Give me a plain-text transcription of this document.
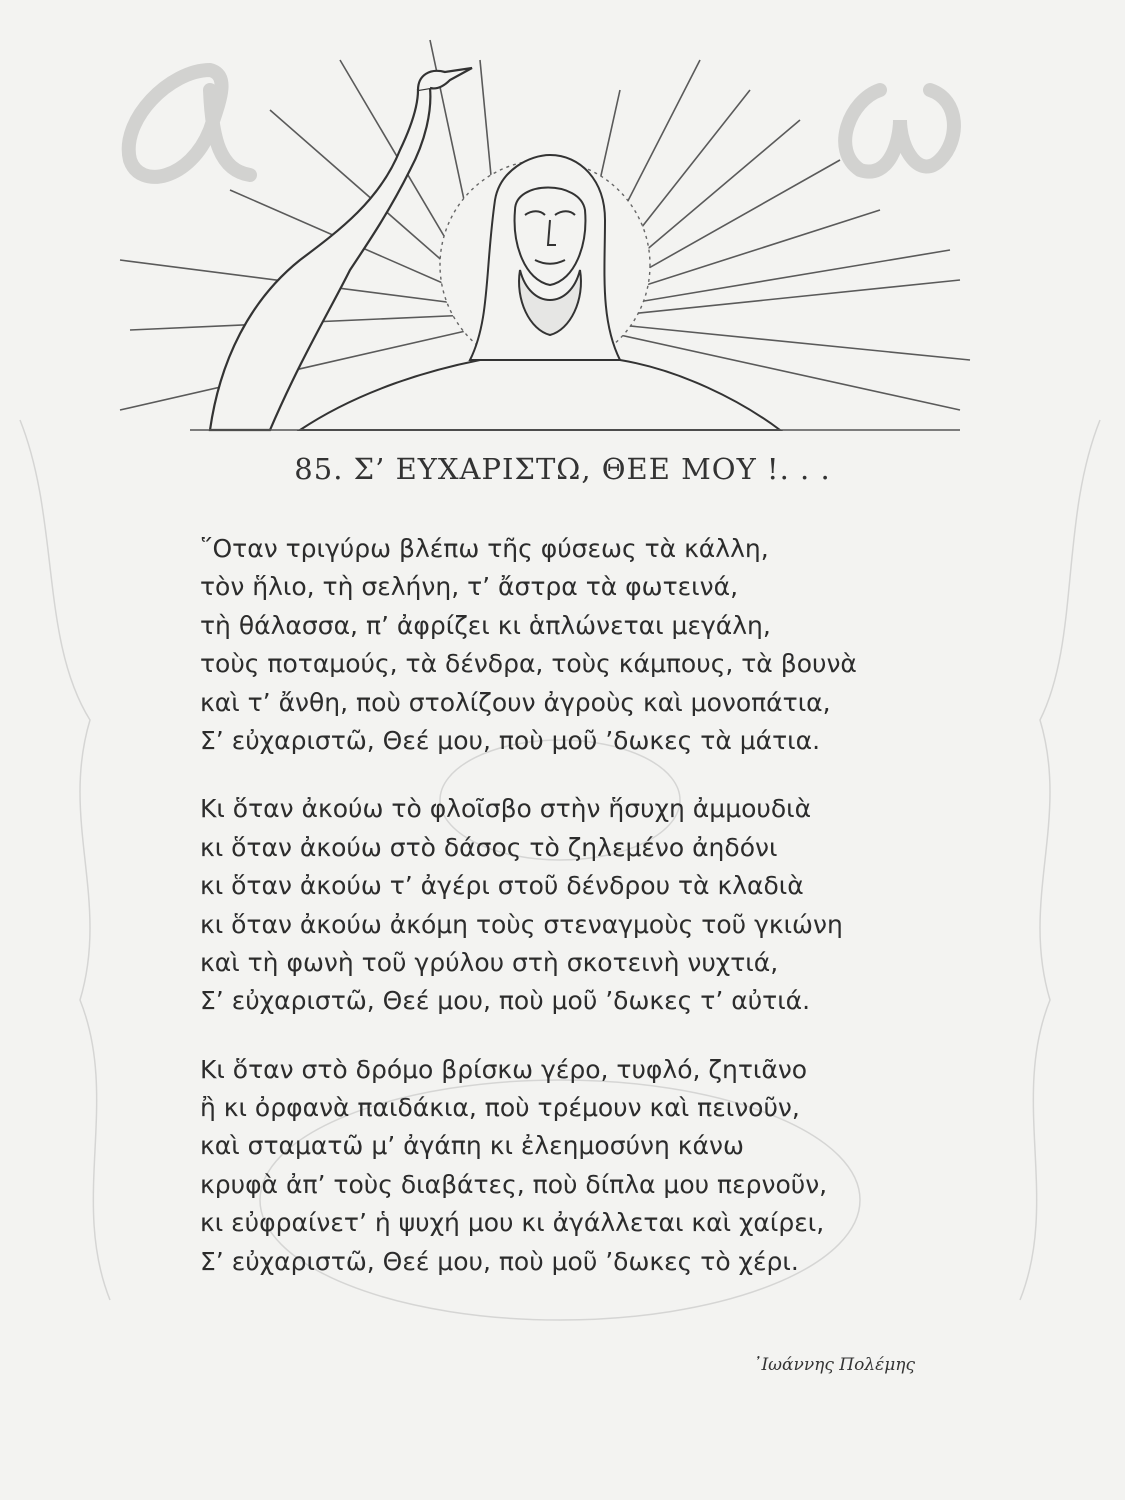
85. Σ’ ΕΥΧΑΡΙΣΤΩ, ΘΕΕ ΜΟΥ !. . .
῞Οταν τριγύρω βλέπω τῆς φύσεως τὰ κάλλη,
τὸν ἥλιο, τὴ σελήνη, τ’ ἄστρα τὰ φωτεινά,
τὴ θάλασσα, π’ ἀφρίζει κι ἁπλώνεται μεγάλη,
τοὺς ποταμούς, τὰ δένδρα, τοὺς κάμπους, τὰ βουνὰ
καὶ τ’ ἄνθη, ποὺ στολίζουν ἀγροὺς καὶ μονοπάτια,
Σ’ εὐχαριστῶ, Θεέ μου, ποὺ μοῦ ’δωκες τὰ μάτια.
Κι ὅταν ἀκούω τὸ φλοῖσβο στὴν ἥσυχη ἀμμουδιὰ
κι ὅταν ἀκούω στὸ δάσος τὸ ζηλεμένο ἀηδόνι
κι ὅταν ἀκούω τ’ ἀγέρι στοῦ δένδρου τὰ κλαδιὰ
κι ὅταν ἀκούω ἀκόμη τοὺς στεναγμοὺς τοῦ γκιώνη
καὶ τὴ φωνὴ τοῦ γρύλου στὴ σκοτεινὴ νυχτιά,
Σ’ εὐχαριστῶ, Θεέ μου, ποὺ μοῦ ’δωκες τ’ αὐτιά.
Κι ὅταν στὸ δρόμο βρίσκω γέρο, τυφλό, ζητιᾶνο
ἢ κι ὀρφανὰ παιδάκια, ποὺ τρέμουν καὶ πεινοῦν,
καὶ σταματῶ μ’ ἀγάπη κι ἐλεημοσύνη κάνω
κρυφὰ ἀπ’ τοὺς διαβάτες, ποὺ δίπλα μου περνοῦν,
κι εὐφραίνετ’ ἡ ψυχή μου κι ἀγάλλεται καὶ χαίρει,
Σ’ εὐχαριστῶ, Θεέ μου, ποὺ μοῦ ’δωκες τὸ χέρι.
᾿Ιωάννης Πολέμης
